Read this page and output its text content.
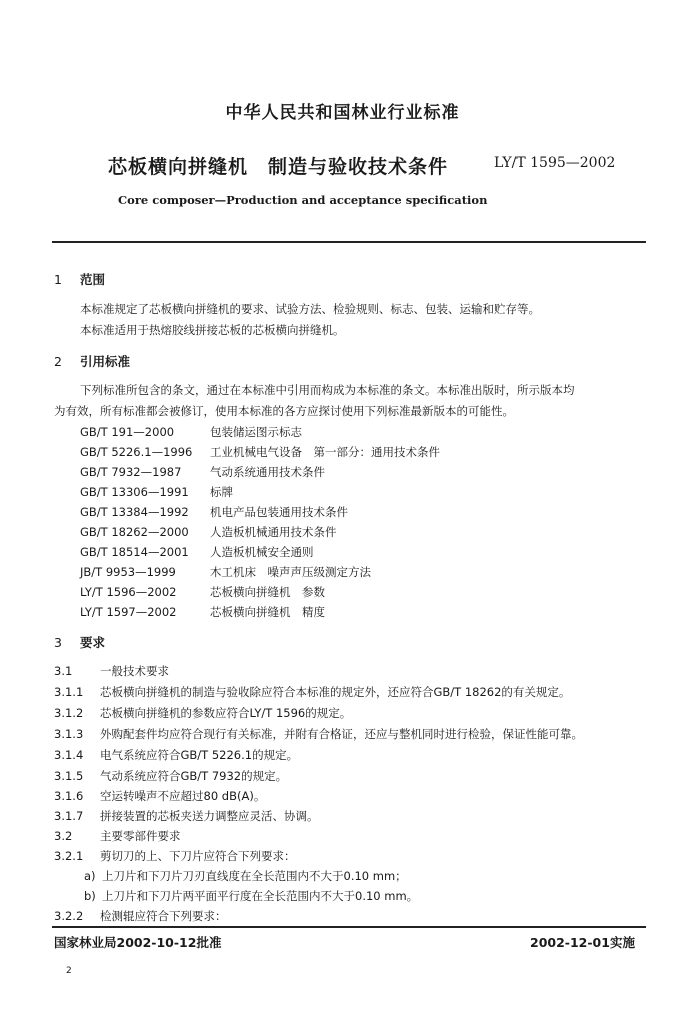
中华人民共和国林业行业标准
芯板横向拼缝机　制造与验收技术条件	LY/T 1595—2002
Core composer—Production and acceptance specification
1 范围
本标准规定了芯板横向拼缝机的要求、试验方法、检验规则、标志、包装、运输和贮存等。
本标准适用于热熔胶线拼接芯板的芯板横向拼缝机。
2 引用标准
下列标准所包含的条文，通过在本标准中引用而构成为本标准的条文。本标准出版时，所示版本均
为有效，所有标准都会被修订，使用本标准的各方应探讨使用下列标准最新版本的可能性。
GB/T 191—2000	包装储运图示标志
GB/T 5226.1—1996 工业机械电气设备　第一部分：通用技术条件
GB/T 7932—1987 气动系统通用技术条件
GB/T 13306—1991 标牌
GB/T 13384—1992 机电产品包装通用技术条件
GB/T 18262—2000 人造板机械通用技术条件
GB/T 18514—2001 人造板机械安全通则
JB/T 9953—1999	木工机床　噪声声压级测定方法
LY/T 1596—2002	芯板横向拼缝机　参数
LY/T 1597—2002	芯板横向拼缝机　精度
3 要求
3.1 一般技术要求
3.1.1 芯板横向拼缝机的制造与验收除应符合本标准的规定外，还应符合GB/T 18262的有关规定。
3.1.2 芯板横向拼缝机的参数应符合LY/T 1596的规定。
3.1.3 外购配套件均应符合现行有关标准，并附有合格证，还应与整机同时进行检验，保证性能可靠。
3.1.4 电气系统应符合GB/T 5226.1的规定。
3.1.5 气动系统应符合GB/T 7932的规定。
3.1.6 空运转噪声不应超过80 dB(A)。
3.1.7 拼接装置的芯板夹送力调整应灵活、协调。
3.2 主要零部件要求
3.2.1 剪切刀的上、下刀片应符合下列要求：
a) 上刀片和下刀片刀刃直线度在全长范围内不大于0.10 mm；
b) 上刀片和下刀片两平面平行度在全长范围内不大于0.10 mm。
3.2.2 检测辊应符合下列要求：
国家林业局2002-10-12批准	2002-12-01实施
2
